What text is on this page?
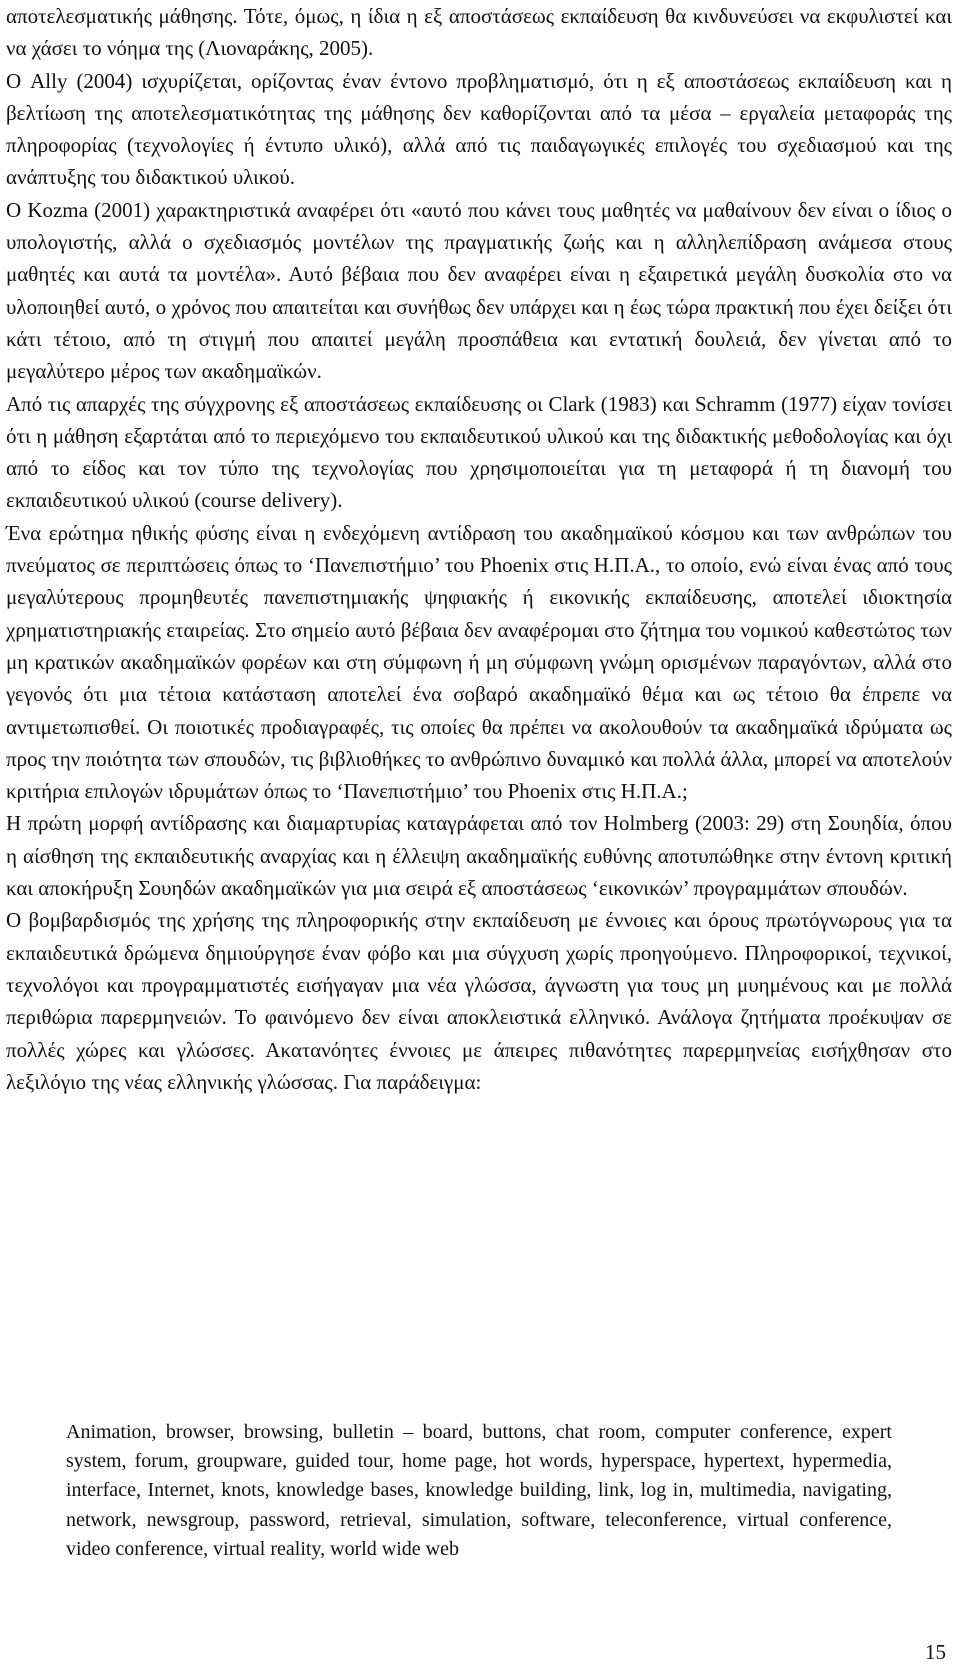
αποτελεσματικής μάθησης. Τότε, όμως, η ίδια η εξ αποστάσεως εκπαίδευση θα κινδυνεύσει να εκφυλιστεί και να χάσει το νόημα της (Λιοναράκης, 2005).

Ο Ally (2004) ισχυρίζεται, ορίζοντας έναν έντονο προβληματισμό, ότι η εξ αποστάσεως εκπαίδευση και η βελτίωση της αποτελεσματικότητας της μάθησης δεν καθορίζονται από τα μέσα – εργαλεία μεταφοράς της πληροφορίας (τεχνολογίες ή έντυπο υλικό), αλλά από τις παιδαγωγικές επιλογές του σχεδιασμού και της ανάπτυξης του διδακτικού υλικού.

Ο Kozma (2001) χαρακτηριστικά αναφέρει ότι «αυτό που κάνει τους μαθητές να μαθαίνουν δεν είναι ο ίδιος ο υπολογιστής, αλλά ο σχεδιασμός μοντέλων της πραγματικής ζωής και η αλληλεπίδραση ανάμεσα στους μαθητές και αυτά τα μοντέλα». Αυτό βέβαια που δεν αναφέρει είναι η εξαιρετικά μεγάλη δυσκολία στο να υλοποιηθεί αυτό, ο χρόνος που απαιτείται και συνήθως δεν υπάρχει και η έως τώρα πρακτική που έχει δείξει ότι κάτι τέτοιο, από τη στιγμή που απαιτεί μεγάλη προσπάθεια και εντατική δουλειά, δεν γίνεται από το μεγαλύτερο μέρος των ακαδημαϊκών.

Από τις απαρχές της σύγχρονης εξ αποστάσεως εκπαίδευσης οι Clark (1983) και Schramm (1977) είχαν τονίσει ότι η μάθηση εξαρτάται από το περιεχόμενο του εκπαιδευτικού υλικού και της διδακτικής μεθοδολογίας και όχι από το είδος και τον τύπο της τεχνολογίας που χρησιμοποιείται για τη μεταφορά ή τη διανομή του εκπαιδευτικού υλικού (course delivery).

Ένα ερώτημα ηθικής φύσης είναι η ενδεχόμενη αντίδραση του ακαδημαϊκού κόσμου και των ανθρώπων του πνεύματος σε περιπτώσεις όπως το ‘Πανεπιστήμιο’ του Phoenix στις Η.Π.Α., το οποίο, ενώ είναι ένας από τους μεγαλύτερους προμηθευτές πανεπιστημιακής ψηφιακής ή εικονικής εκπαίδευσης, αποτελεί ιδιοκτησία χρηματιστηριακής εταιρείας. Στο σημείο αυτό βέβαια δεν αναφέρομαι στο ζήτημα του νομικού καθεστώτος των μη κρατικών ακαδημαϊκών φορέων και στη σύμφωνη ή μη σύμφωνη γνώμη ορισμένων παραγόντων, αλλά στο γεγονός ότι μια τέτοια κατάσταση αποτελεί ένα σοβαρό ακαδημαϊκό θέμα και ως τέτοιο θα έπρεπε να αντιμετωπισθεί. Οι ποιοτικές προδιαγραφές, τις οποίες θα πρέπει να ακολουθούν τα ακαδημαϊκά ιδρύματα ως προς την ποιότητα των σπουδών, τις βιβλιοθήκες το ανθρώπινο δυναμικό και πολλά άλλα, μπορεί να αποτελούν κριτήρια επιλογών ιδρυμάτων όπως το ‘Πανεπιστήμιο’ του Phoenix στις Η.Π.Α.;

Η πρώτη μορφή αντίδρασης και διαμαρτυρίας καταγράφεται από τον Holmberg (2003: 29) στη Σουηδία, όπου η αίσθηση της εκπαιδευτικής αναρχίας και η έλλειψη ακαδημαϊκής ευθύνης αποτυπώθηκε στην έντονη κριτική και αποκήρυξη Σουηδών ακαδημαϊκών για μια σειρά εξ αποστάσεως ‘εικονικών’ προγραμμάτων σπουδών.

Ο βομβαρδισμός της χρήσης της πληροφορικής στην εκπαίδευση με έννοιες και όρους πρωτόγνωρους για τα εκπαιδευτικά δρώμενα δημιούργησε έναν φόβο και μια σύγχυση χωρίς προηγούμενο. Πληροφορικοί, τεχνικοί, τεχνολόγοι και προγραμματιστές εισήγαγαν μια νέα γλώσσα, άγνωστη για τους μη μυημένους και με πολλά περιθώρια παρερμηνειών. Το φαινόμενο δεν είναι αποκλειστικά ελληνικό. Ανάλογα ζητήματα προέκυψαν σε πολλές χώρες και γλώσσες. Ακατανόητες έννοιες με άπειρες πιθανότητες παρερμηνείας εισήχθησαν στο λεξιλόγιο της νέας ελληνικής γλώσσας. Για παράδειγμα:

Animation, browser, browsing, bulletin – board, buttons, chat room, computer conference, expert system, forum, groupware, guided tour, home page, hot words, hyperspace, hypertext, hypermedia, interface, Internet, knots, knowledge bases, knowledge building, link, log in, multimedia, navigating, network, newsgroup, password, retrieval, simulation, software, teleconference, virtual conference, video conference, virtual reality, world wide web

15
